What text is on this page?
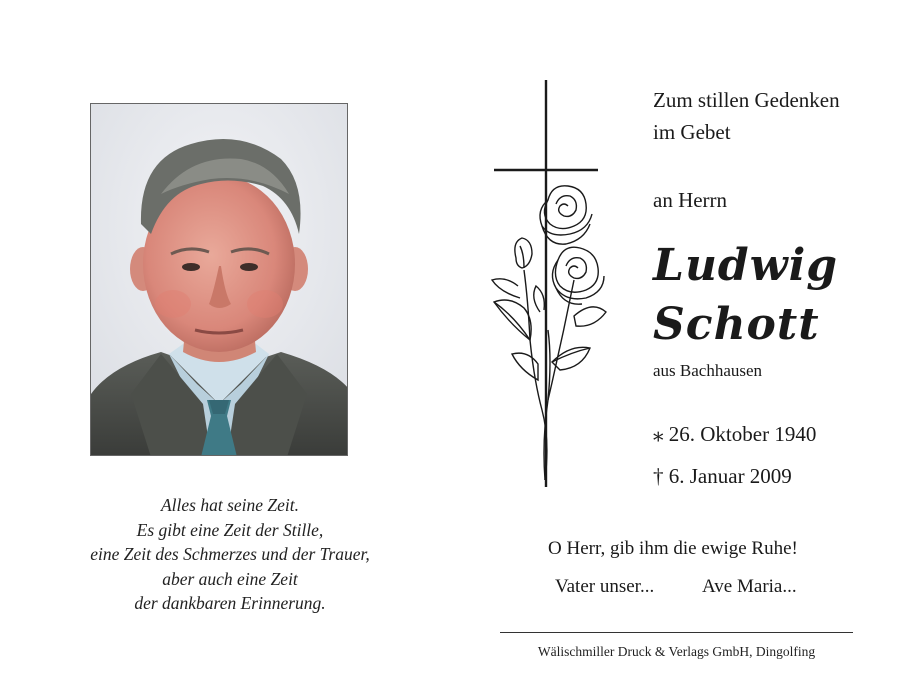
Alles hat seine Zeit.
Es gibt eine Zeit der Stille,
eine Zeit des Schmerzes und der Trauer,
aber auch eine Zeit
der dankbaren Erinnerung.
Zum stillen Gedenken
im Gebet
an Herrn
Ludwig
Schott
aus Bachhausen
⁎ 26. Oktober 1940
† 6. Januar 2009
O Herr, gib ihm die ewige Ruhe!
Vater unser...	Ave Maria...
Wälischmiller Druck & Verlags GmbH, Dingolfing
